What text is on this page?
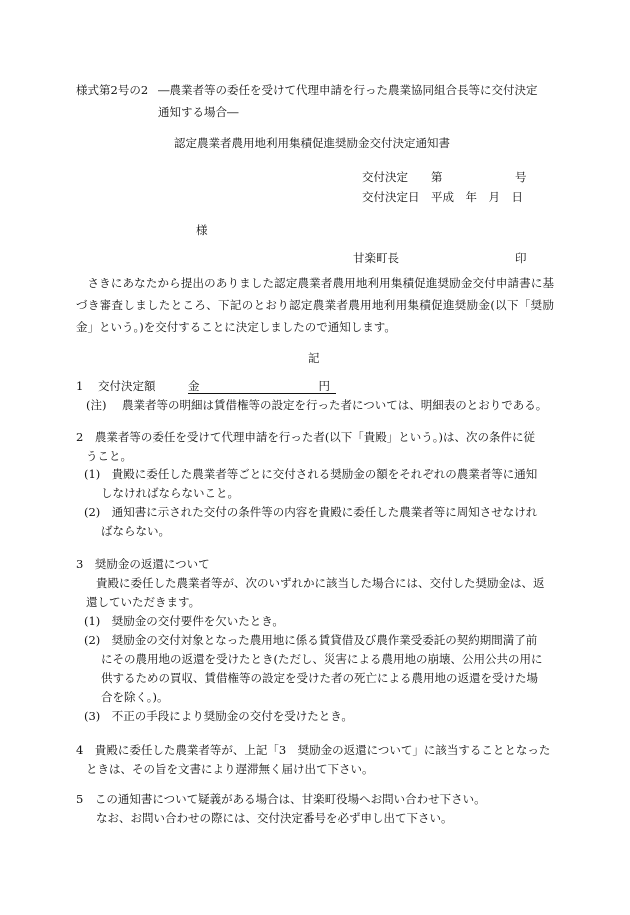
様式第2号の2 ―農業者等の委任を受けて代理申請を行った農業協同組合長等に交付決定
通知する場合―
認定農業者農用地利用集積促進奨励金交付決定通知書
交付決定 第	号
交付決定日 平成　年　月　日
様
甘楽町長	印
さきにあなたから提出のありました認定農業者農用地利用集積促進奨励金交付申請書に基づき審査しましたところ、下記のとおり認定農業者農用地利用集積促進奨励金(以下「奨励金」という。)を交付することに決定しましたので通知します。
記
1 交付決定額	金	円
(注) 農業者等の明細は賃借権等の設定を行った者については、明細表のとおりである。
2　農業者等の委任を受けて代理申請を行った者(以下「貴殿」という。)は、次の条件に従
うこと。
(1)　貴殿に委任した農業者等ごとに交付される奨励金の額をそれぞれの農業者等に通知
しなければならないこと。
(2)　通知書に示された交付の条件等の内容を貴殿に委任した農業者等に周知させなけれ
ばならない。
3　奨励金の返還について
貴殿に委任した農業者等が、次のいずれかに該当した場合には、交付した奨励金は、返
還していただきます。
(1)　奨励金の交付要件を欠いたとき。
(2)　奨励金の交付対象となった農用地に係る賃貸借及び農作業受委託の契約期間満了前
にその農用地の返還を受けたとき(ただし、災害による農用地の崩壊、公用公共の用に
供するための買収、賃借権等の設定を受けた者の死亡による農用地の返還を受けた場
合を除く。)。
(3)　不正の手段により奨励金の交付を受けたとき。
4　貴殿に委任した農業者等が、上記「3　奨励金の返還について」に該当することとなった
ときは、その旨を文書により遅滞無く届け出て下さい。
5　この通知書について疑義がある場合は、甘楽町役場へお問い合わせ下さい。
なお、お問い合わせの際には、交付決定番号を必ず申し出て下さい。
